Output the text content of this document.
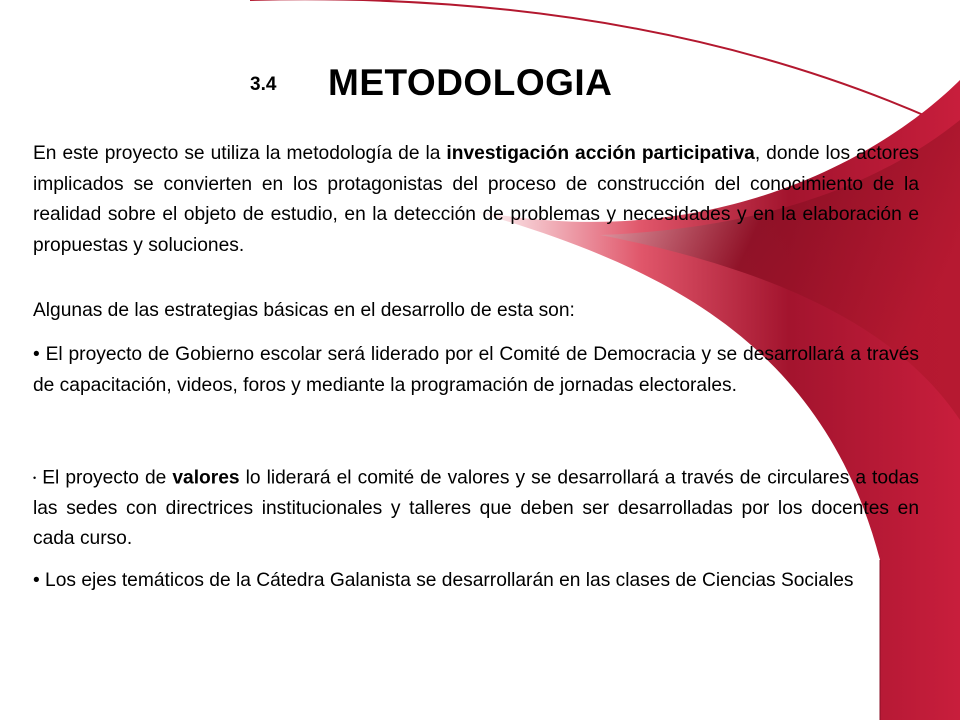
3.4 METODOLOGIA

En este proyecto se utiliza la metodología de la investigación acción participativa, donde los actores implicados se convierten en los protagonistas del proceso de construcción del conocimiento de la realidad sobre el objeto de estudio, en la detección de problemas y necesidades y en la elaboración e propuestas y soluciones.

Algunas de las estrategias básicas en el desarrollo de esta son:

• El proyecto de Gobierno escolar será liderado por el Comité de Democracia y se desarrollará a través de capacitación, videos, foros y mediante la programación de jornadas electorales.

• El proyecto de valores lo liderará el comité de valores y se desarrollará a través de circulares a todas las sedes con directrices institucionales y talleres que deben ser desarrolladas por los docentes en cada curso.

• Los ejes temáticos de la Cátedra Galanista se desarrollarán en las clases de Ciencias Sociales
